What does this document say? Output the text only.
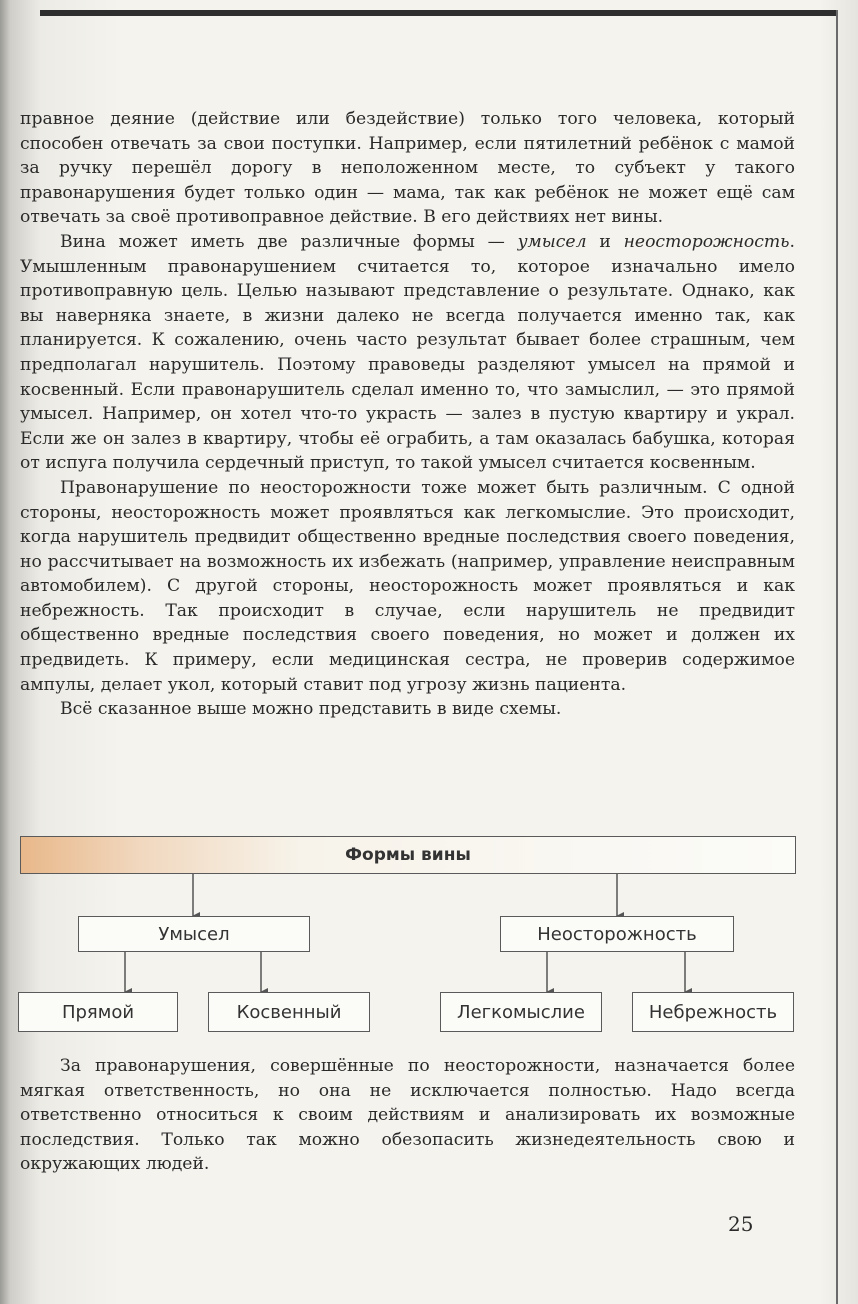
правное деяние (действие или бездействие) только того человека, который способен отвечать за свои поступки. Например, если пятилетний ребёнок с мамой за ручку перешёл дорогу в неположенном месте, то субъект у такого правонарушения будет только один — мама, так как ребёнок не может ещё сам отвечать за своё противоправное действие. В его действиях нет вины.

Вина может иметь две различные формы — умысел и неосторожность. Умышленным правонарушением считается то, которое изначально имело противоправную цель. Целью называют представление о результате. Однако, как вы наверняка знаете, в жизни далеко не всегда получается именно так, как планируется. К сожалению, очень часто результат бывает более страшным, чем предполагал нарушитель. Поэтому правоведы разделяют умысел на прямой и косвенный. Если правонарушитель сделал именно то, что замыслил, — это прямой умысел. Например, он хотел что-то украсть — залез в пустую квартиру и украл. Если же он залез в квартиру, чтобы её ограбить, а там оказалась бабушка, которая от испуга получила сердечный приступ, то такой умысел считается косвенным.

Правонарушение по неосторожности тоже может быть различным. С одной стороны, неосторожность может проявляться как легкомыслие. Это происходит, когда нарушитель предвидит общественно вредные последствия своего поведения, но рассчитывает на возможность их избежать (например, управление неисправным автомобилем). С другой стороны, неосторожность может проявляться и как небрежность. Так происходит в случае, если нарушитель не предвидит общественно вредные последствия своего поведения, но может и должен их предвидеть. К примеру, если медицинская сестра, не проверив содержимое ампулы, делает укол, который ставит под угрозу жизнь пациента.

Всё сказанное выше можно представить в виде схемы.

Формы вины
Умысел	Неосторожность
Прямой	Косвенный	Легкомыслие	Небрежность

За правонарушения, совершённые по неосторожности, назначается более мягкая ответственность, но она не исключается полностью. Надо всегда ответственно относиться к своим действиям и анализировать их возможные последствия. Только так можно обезопасить жизнедеятельность свою и окружающих людей.

25
